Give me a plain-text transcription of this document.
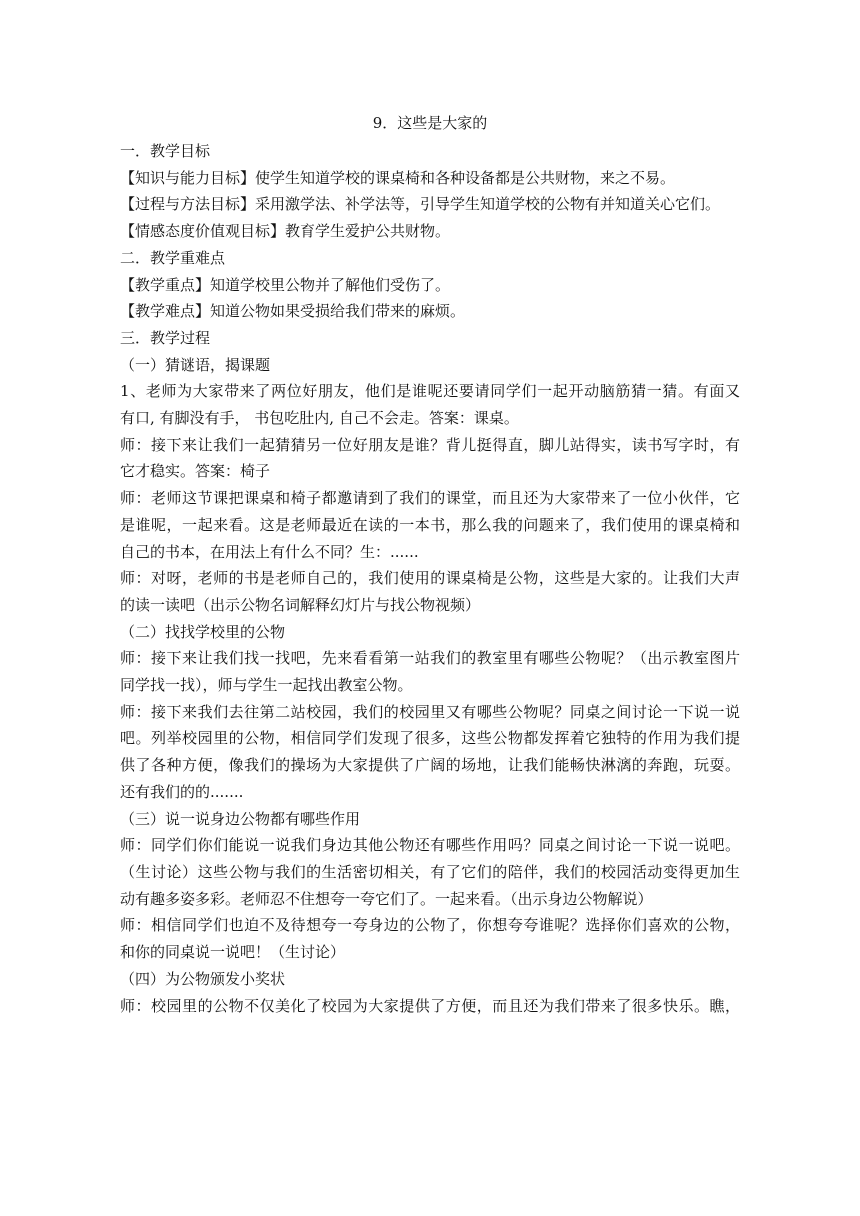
9．这些是大家的
一．教学目标
【知识与能力目标】使学生知道学校的课桌椅和各种设备都是公共财物，来之不易。
【过程与方法目标】采用激学法、补学法等，引导学生知道学校的公物有并知道关心它们。
【情感态度价值观目标】教育学生爱护公共财物。
二．教学重难点
【教学重点】知道学校里公物并了解他们受伤了。
【教学难点】知道公物如果受损给我们带来的麻烦。
三．教学过程
（一）猜谜语，揭课题
1、老师为大家带来了两位好朋友，他们是谁呢还要请同学们一起开动脑筋猜一猜。有面又
有口, 有脚没有手， 书包吃肚内, 自己不会走。答案：课桌。
师：接下来让我们一起猜猜另一位好朋友是谁？背儿挺得直，脚儿站得实，读书写字时，有
它才稳实。答案：椅子
师：老师这节课把课桌和椅子都邀请到了我们的课堂，而且还为大家带来了一位小伙伴，它
是谁呢，一起来看。这是老师最近在读的一本书，那么我的问题来了，我们使用的课桌椅和
自己的书本，在用法上有什么不同？生：......
师：对呀，老师的书是老师自己的，我们使用的课桌椅是公物，这些是大家的。让我们大声
的读一读吧（出示公物名词解释幻灯片与找公物视频）
（二）找找学校里的公物
师：接下来让我们找一找吧，先来看看第一站我们的教室里有哪些公物呢？（出示教室图片
同学找一找），师与学生一起找出教室公物。
师：接下来我们去往第二站校园，我们的校园里又有哪些公物呢？同桌之间讨论一下说一说
吧。列举校园里的公物，相信同学们发现了很多，这些公物都发挥着它独特的作用为我们提
供了各种方便，像我们的操场为大家提供了广阔的场地，让我们能畅快淋漓的奔跑，玩耍。
还有我们的的.......
（三）说一说身边公物都有哪些作用
师：同学们你们能说一说我们身边其他公物还有哪些作用吗？同桌之间讨论一下说一说吧。
（生讨论）这些公物与我们的生活密切相关，有了它们的陪伴，我们的校园活动变得更加生
动有趣多姿多彩。老师忍不住想夸一夸它们了。一起来看。（出示身边公物解说）
师：相信同学们也迫不及待想夸一夸身边的公物了，你想夸夸谁呢？选择你们喜欢的公物，
和你的同桌说一说吧！（生讨论）
（四）为公物颁发小奖状
师：校园里的公物不仅美化了校园为大家提供了方便，而且还为我们带来了很多快乐。瞧，
